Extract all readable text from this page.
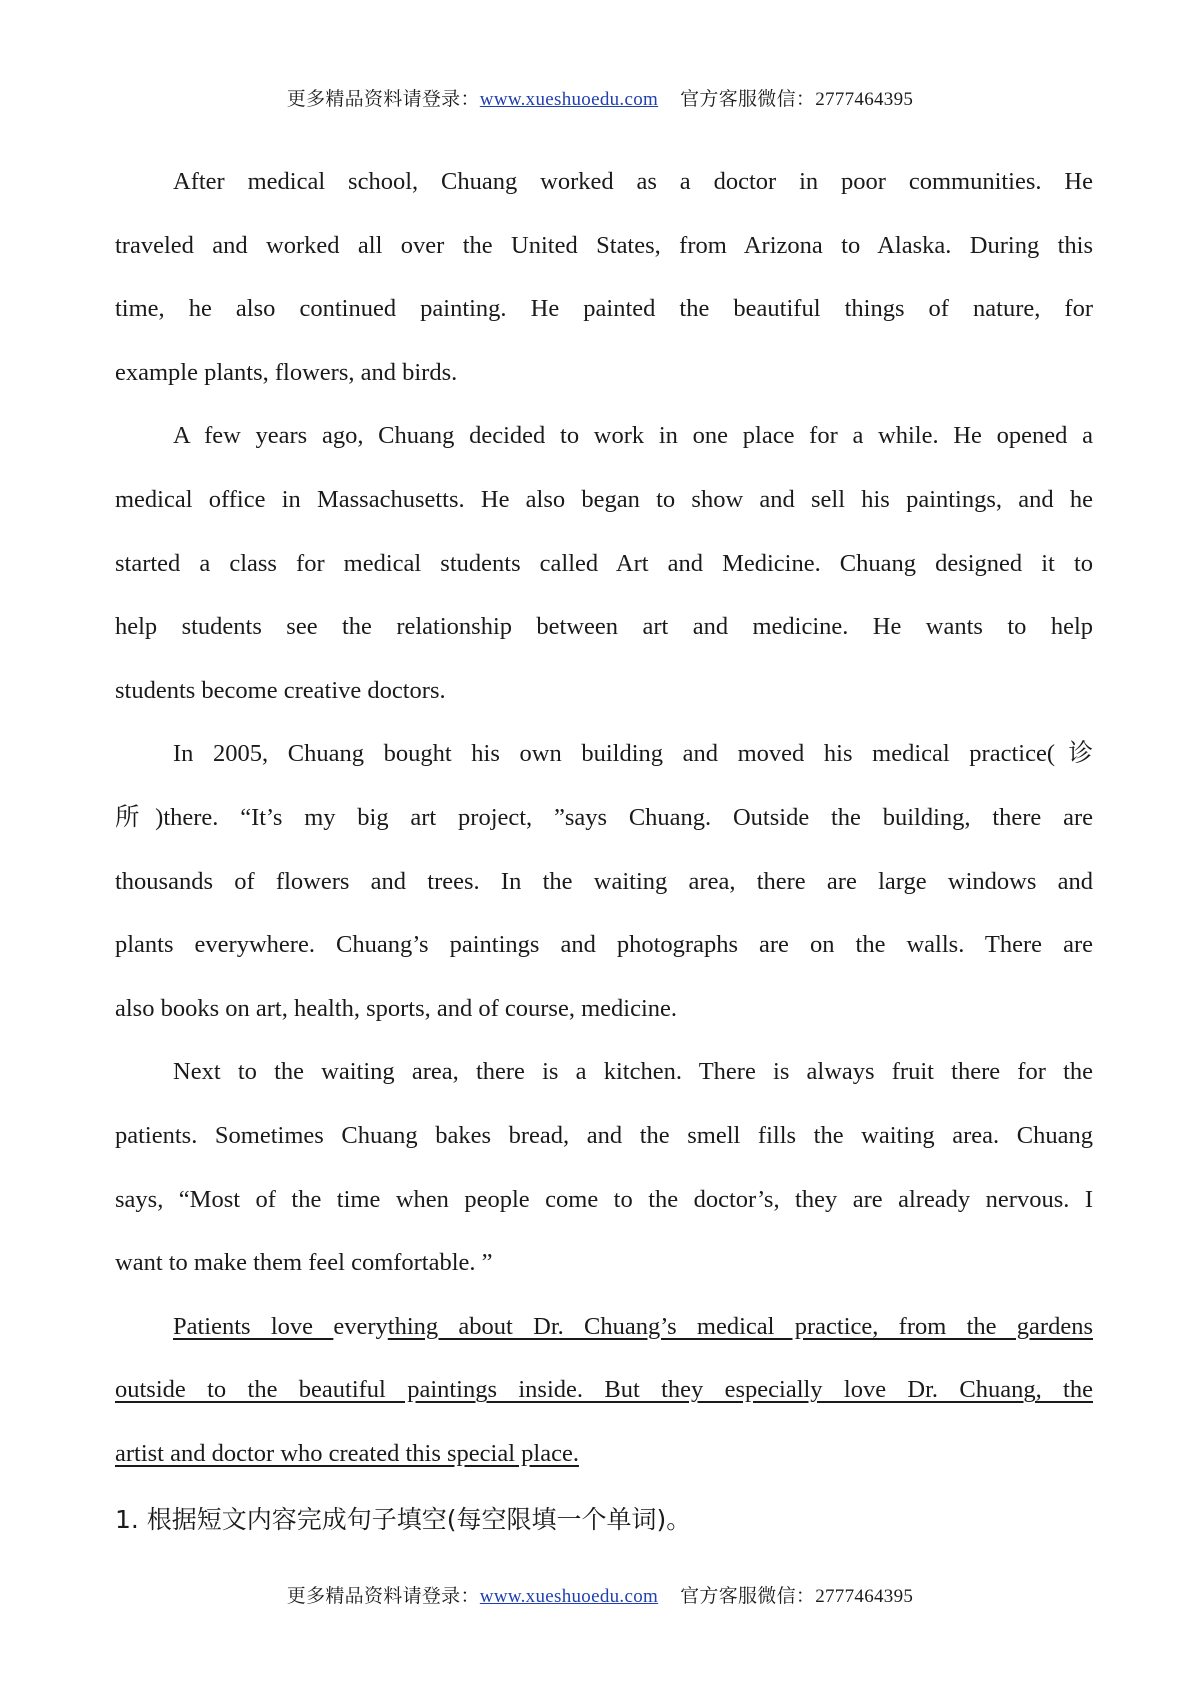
更多精品资料请登录：www.xueshuoedu.com 官方客服微信：2777464395
After medical school, Chuang worked as a doctor in poor communities. He
traveled and worked all over the United States, from Arizona to Alaska. During this
time, he also continued painting. He painted the beautiful things of nature, for
example plants, flowers, and birds.
A few years ago, Chuang decided to work in one place for a while. He opened a
medical office in Massachusetts. He also began to show and sell his paintings, and he
started a class for medical students called Art and Medicine. Chuang designed it to
help students see the relationship between art and medicine. He wants to help
students become creative doctors.
In 2005, Chuang bought his own building and moved his medical practice(诊
所)there. “It’s my big art project, ”says Chuang. Outside the building, there are
thousands of flowers and trees. In the waiting area, there are large windows and
plants everywhere. Chuang’s paintings and photographs are on the walls. There are
also books on art, health, sports, and of course, medicine.
Next to the waiting area, there is a kitchen. There is always fruit there for the
patients. Sometimes Chuang bakes bread, and the smell fills the waiting area. Chuang
says, “Most of the time when people come to the doctor’s, they are already nervous. I
want to make them feel comfortable. ”
Patients love everything about Dr. Chuang’s medical practice, from the gardens
outside to the beautiful paintings inside. But they especially love Dr. Chuang, the
artist and doctor who created this special place.
1. 根据短文内容完成句子填空(每空限填一个单词)。
更多精品资料请登录：www.xueshuoedu.com 官方客服微信：2777464395
